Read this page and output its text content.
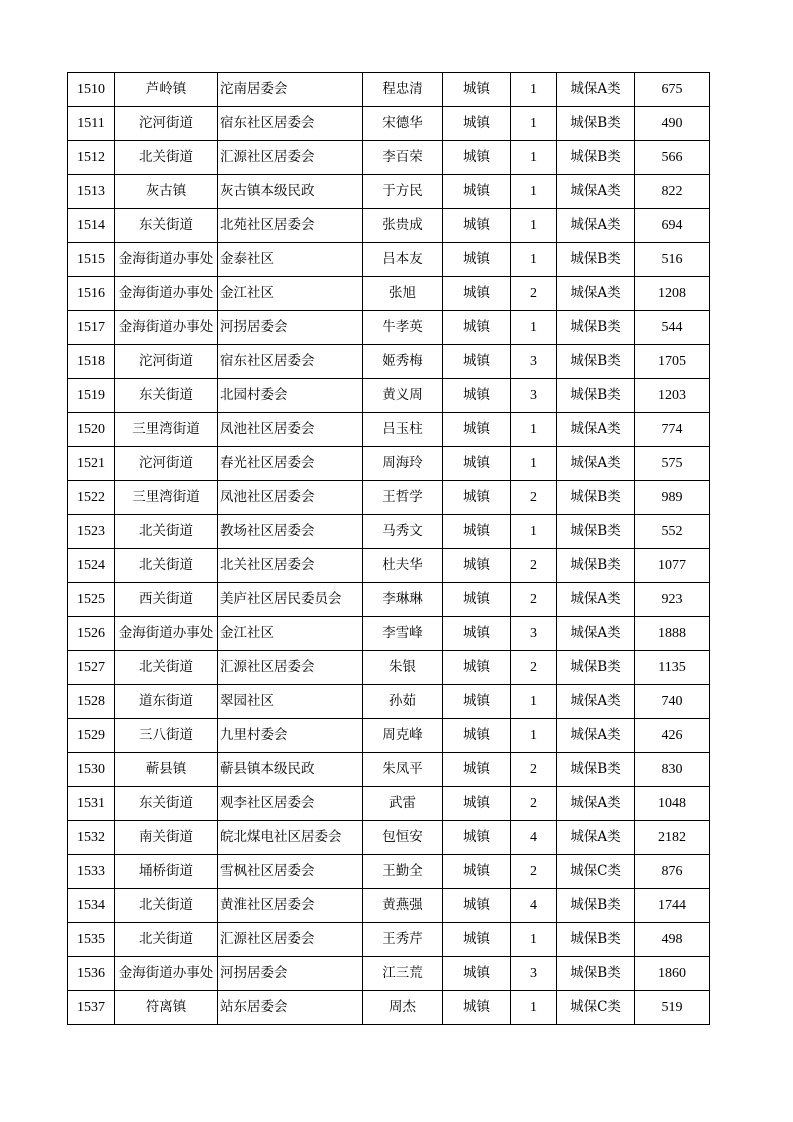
1510	芦岭镇	沱南居委会	程忠清	城镇	1	城保A类	675
1511	沱河街道	宿东社区居委会	宋德华	城镇	1	城保B类	490
1512	北关街道	汇源社区居委会	李百荣	城镇	1	城保B类	566
1513	灰古镇	灰古镇本级民政	于方民	城镇	1	城保A类	822
1514	东关街道	北苑社区居委会	张贵成	城镇	1	城保A类	694
1515	金海街道办事处	金泰社区	吕本友	城镇	1	城保B类	516
1516	金海街道办事处	金江社区	张旭	城镇	2	城保A类	1208
1517	金海街道办事处	河拐居委会	牛孝英	城镇	1	城保B类	544
1518	沱河街道	宿东社区居委会	姬秀梅	城镇	3	城保B类	1705
1519	东关街道	北园村委会	黄义周	城镇	3	城保B类	1203
1520	三里湾街道	凤池社区居委会	吕玉柱	城镇	1	城保A类	774
1521	沱河街道	春光社区居委会	周海玲	城镇	1	城保A类	575
1522	三里湾街道	凤池社区居委会	王哲学	城镇	2	城保B类	989
1523	北关街道	教场社区居委会	马秀文	城镇	1	城保B类	552
1524	北关街道	北关社区居委会	杜夫华	城镇	2	城保B类	1077
1525	西关街道	美庐社区居民委员会	李琳琳	城镇	2	城保A类	923
1526	金海街道办事处	金江社区	李雪峰	城镇	3	城保A类	1888
1527	北关街道	汇源社区居委会	朱银	城镇	2	城保B类	1135
1528	道东街道	翠园社区	孙茹	城镇	1	城保A类	740
1529	三八街道	九里村委会	周克峰	城镇	1	城保A类	426
1530	蕲县镇	蕲县镇本级民政	朱凤平	城镇	2	城保B类	830
1531	东关街道	观李社区居委会	武雷	城镇	2	城保A类	1048
1532	南关街道	皖北煤电社区居委会	包恒安	城镇	4	城保A类	2182
1533	埇桥街道	雪枫社区居委会	王勤全	城镇	2	城保C类	876
1534	北关街道	黄淮社区居委会	黄燕强	城镇	4	城保B类	1744
1535	北关街道	汇源社区居委会	王秀芹	城镇	1	城保B类	498
1536	金海街道办事处	河拐居委会	江三荒	城镇	3	城保B类	1860
1537	符离镇	站东居委会	周杰	城镇	1	城保C类	519
